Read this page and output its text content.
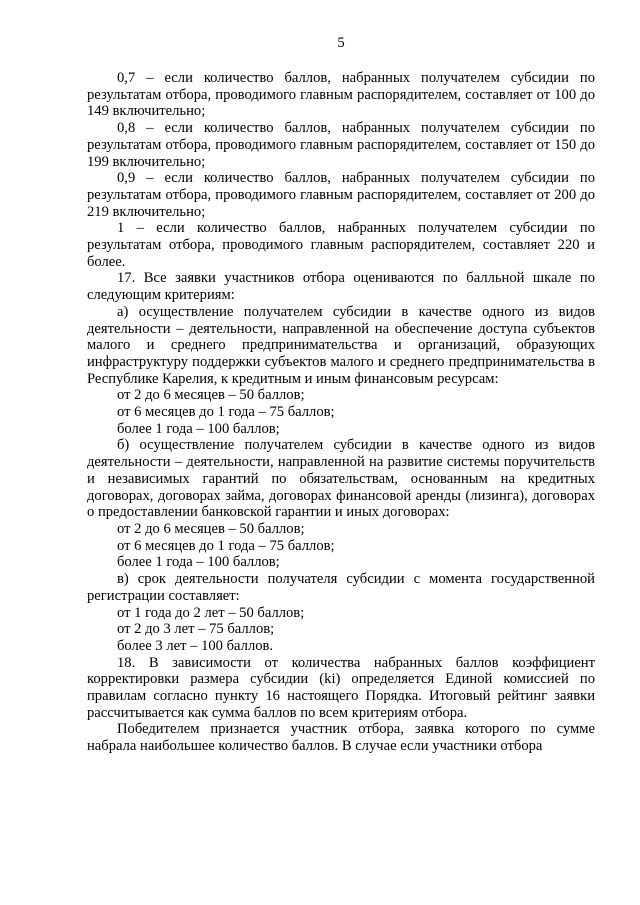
5

0,7 – если количество баллов, набранных получателем субсидии по результатам отбора, проводимого главным распорядителем, составляет от 100 до 149 включительно;

0,8 – если количество баллов, набранных получателем субсидии по результатам отбора, проводимого главным распорядителем, составляет от 150 до 199 включительно;

0,9 – если количество баллов, набранных получателем субсидии по результатам отбора, проводимого главным распорядителем, составляет от 200 до 219 включительно;

1 – если количество баллов, набранных получателем субсидии по результатам отбора, проводимого главным распорядителем, составляет 220 и более.

17. Все заявки участников отбора оцениваются по балльной шкале по следующим критериям:

а) осуществление получателем субсидии в качестве одного из видов деятельности – деятельности, направленной на обеспечение доступа субъектов малого и среднего предпринимательства и организаций, образующих инфраструктуру поддержки субъектов малого и среднего предпринимательства в Республике Карелия, к кредитным и иным финансовым ресурсам:

от 2 до 6 месяцев – 50 баллов;

от 6 месяцев до 1 года – 75 баллов;

более 1 года – 100 баллов;

б) осуществление получателем субсидии в качестве одного из видов деятельности – деятельности, направленной на развитие системы поручительств и независимых гарантий по обязательствам, основанным на кредитных договорах, договорах займа, договорах финансовой аренды (лизинга), договорах о предоставлении банковской гарантии и иных договорах:

от 2 до 6 месяцев – 50 баллов;

от 6 месяцев до 1 года – 75 баллов;

более 1 года – 100 баллов;

в) срок деятельности получателя субсидии с момента государственной регистрации составляет:

от 1 года до 2 лет – 50 баллов;

от 2 до 3 лет – 75 баллов;

более 3 лет – 100 баллов.

18. В зависимости от количества набранных баллов коэффициент корректировки размера субсидии (ki) определяется Единой комиссией по правилам согласно пункту 16 настоящего Порядка. Итоговый рейтинг заявки рассчитывается как сумма баллов по всем критериям отбора.

Победителем признается участник отбора, заявка которого по сумме набрала наибольшее количество баллов. В случае если участники отбора
